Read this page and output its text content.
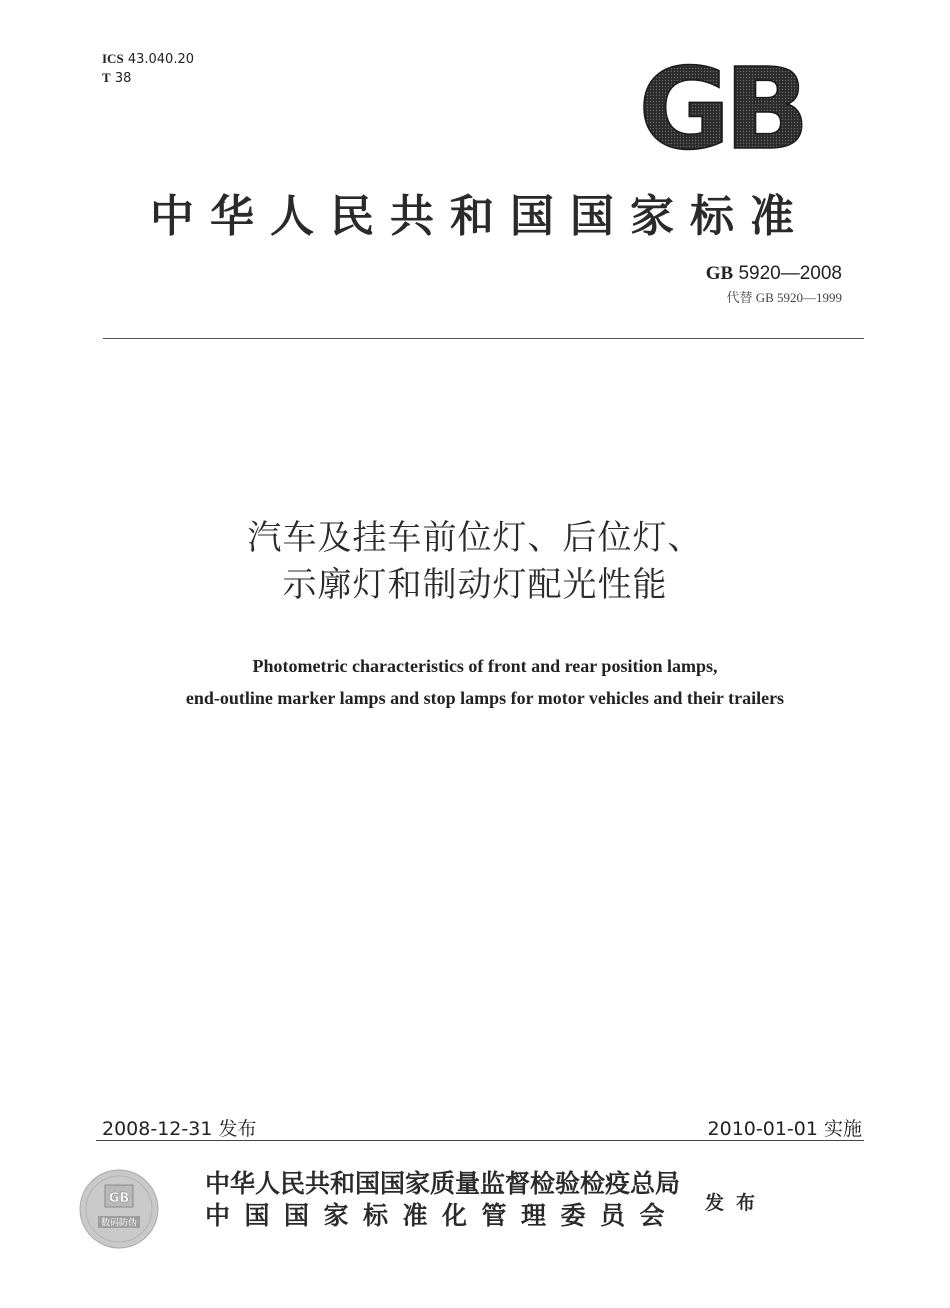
ICS 43.040.20
T 38	GB
中华人民共和国国家标准
GB 5920—2008
代替 GB 5920—1999
汽车及挂车前位灯、后位灯、
示廓灯和制动灯配光性能
Photometric characteristics of front and rear position lamps,
end-outline marker lamps and stop lamps for motor vehicles and their trailers
2008-12-31 发布	2010-01-01 实施
GB
数码防伪
中华人民共和国国家质量监督检验检疫总局
中国国家标准化管理委员会 发布
